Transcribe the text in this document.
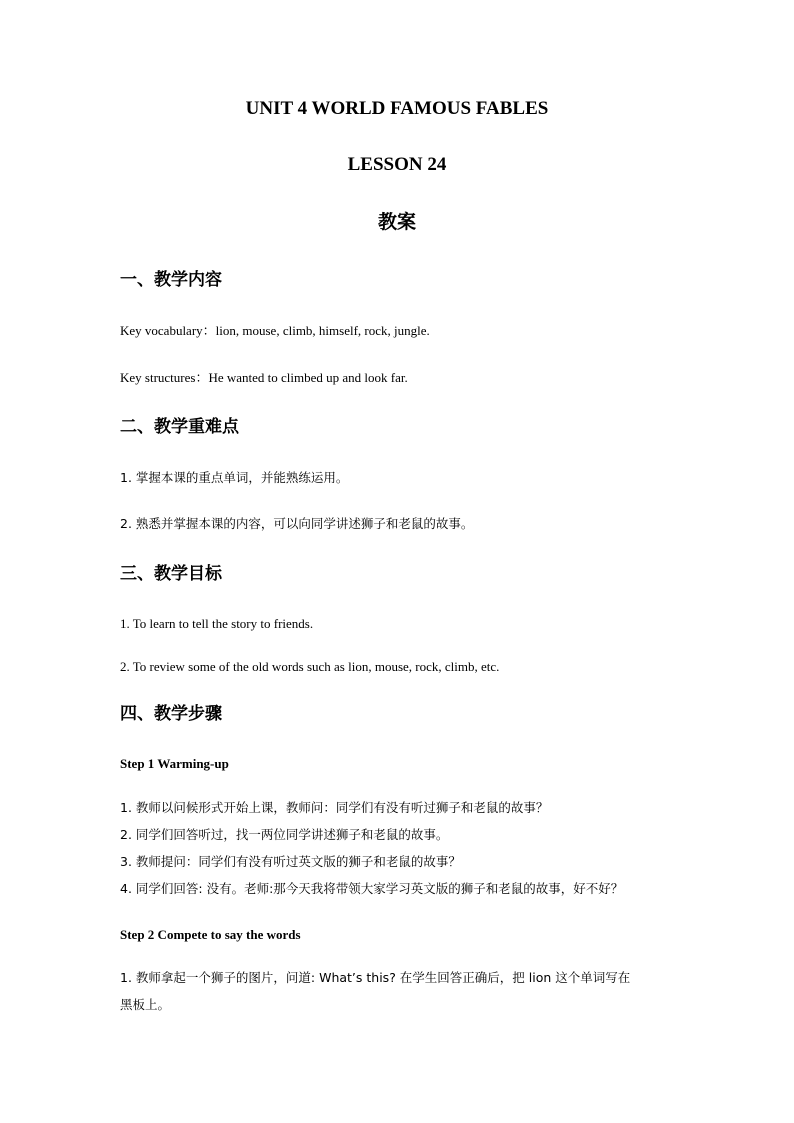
UNIT 4 WORLD FAMOUS FABLES
LESSON 24
教案
一、教学内容
Key vocabulary：lion, mouse, climb, himself, rock, jungle.
Key structures：He wanted to climbed up and look far.
二、教学重难点
1. 掌握本课的重点单词，并能熟练运用。
2. 熟悉并掌握本课的内容，可以向同学讲述狮子和老鼠的故事。
三、教学目标
1. To learn to tell the story to friends.
2. To review some of the old words such as lion, mouse, rock, climb, etc.
四、教学步骤
Step 1 Warming-up
1. 教师以问候形式开始上课，教师问：同学们有没有听过狮子和老鼠的故事？
2. 同学们回答听过，找一两位同学讲述狮子和老鼠的故事。
3. 教师提问：同学们有没有听过英文版的狮子和老鼠的故事？
4. 同学们回答: 没有。老师:那今天我将带领大家学习英文版的狮子和老鼠的故事，好不好？
Step 2 Compete to say the words
1. 教师拿起一个狮子的图片，问道: What’s this? 在学生回答正确后，把 lion 这个单词写在
黑板上。
